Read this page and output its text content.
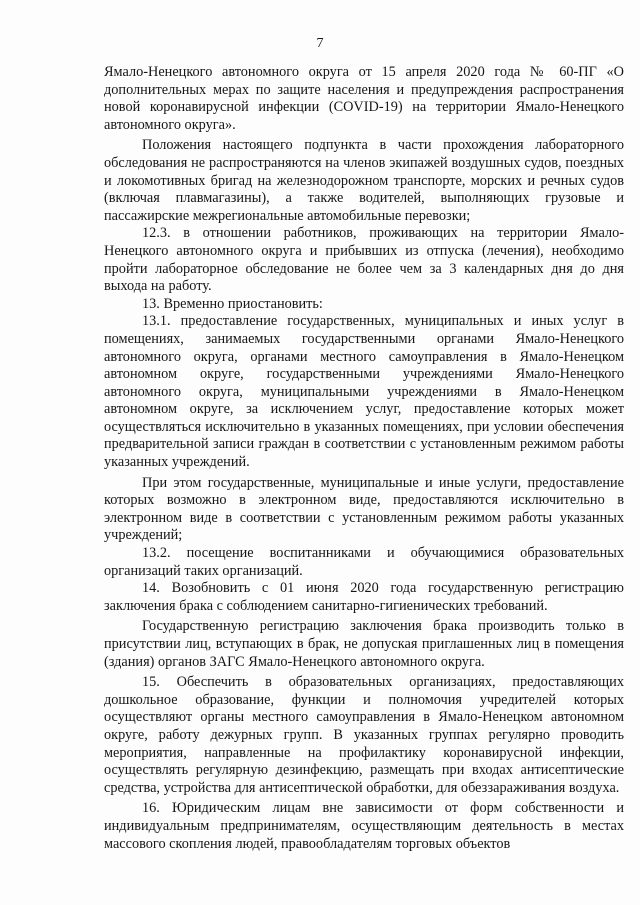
7

Ямало-Ненецкого автономного округа от 15 апреля 2020 года № 60-ПГ «О дополнительных мерах по защите населения и предупреждения распространения новой коронавирусной инфекции (COVID-19) на территории Ямало-Ненецкого автономного округа».

Положения настоящего подпункта в части прохождения лабораторного обследования не распространяются на членов экипажей воздушных судов, поездных и локомотивных бригад на железнодорожном транспорте, морских и речных судов (включая плавмагазины), а также водителей, выполняющих грузовые и пассажирские межрегиональные автомобильные перевозки;

12.3. в отношении работников, проживающих на территории Ямало-Ненецкого автономного округа и прибывших из отпуска (лечения), необходимо пройти лабораторное обследование не более чем за 3 календарных дня до дня выхода на работу.

13. Временно приостановить:

13.1. предоставление государственных, муниципальных и иных услуг в помещениях, занимаемых государственными органами Ямало-Ненецкого автономного округа, органами местного самоуправления в Ямало-Ненецком автономном округе, государственными учреждениями Ямало-Ненецкого автономного округа, муниципальными учреждениями в Ямало-Ненецком автономном округе, за исключением услуг, предоставление которых может осуществляться исключительно в указанных помещениях, при условии обеспечения предварительной записи граждан в соответствии с установленным режимом работы указанных учреждений.

При этом государственные, муниципальные и иные услуги, предоставление которых возможно в электронном виде, предоставляются исключительно в электронном виде в соответствии с установленным режимом работы указанных учреждений;

13.2. посещение воспитанниками и обучающимися образовательных организаций таких организаций.

14. Возобновить с 01 июня 2020 года государственную регистрацию заключения брака с соблюдением санитарно-гигиенических требований.

Государственную регистрацию заключения брака производить только в присутствии лиц, вступающих в брак, не допуская приглашенных лиц в помещения (здания) органов ЗАГС Ямало-Ненецкого автономного округа.

15. Обеспечить в образовательных организациях, предоставляющих дошкольное образование, функции и полномочия учредителей которых осуществляют органы местного самоуправления в Ямало-Ненецком автономном округе, работу дежурных групп. В указанных группах регулярно проводить мероприятия, направленные на профилактику коронавирусной инфекции, осуществлять регулярную дезинфекцию, размещать при входах антисептические средства, устройства для антисептической обработки, для обеззараживания воздуха.

16. Юридическим лицам вне зависимости от форм собственности и индивидуальным предпринимателям, осуществляющим деятельность в местах массового скопления людей, правообладателям торговых объектов
